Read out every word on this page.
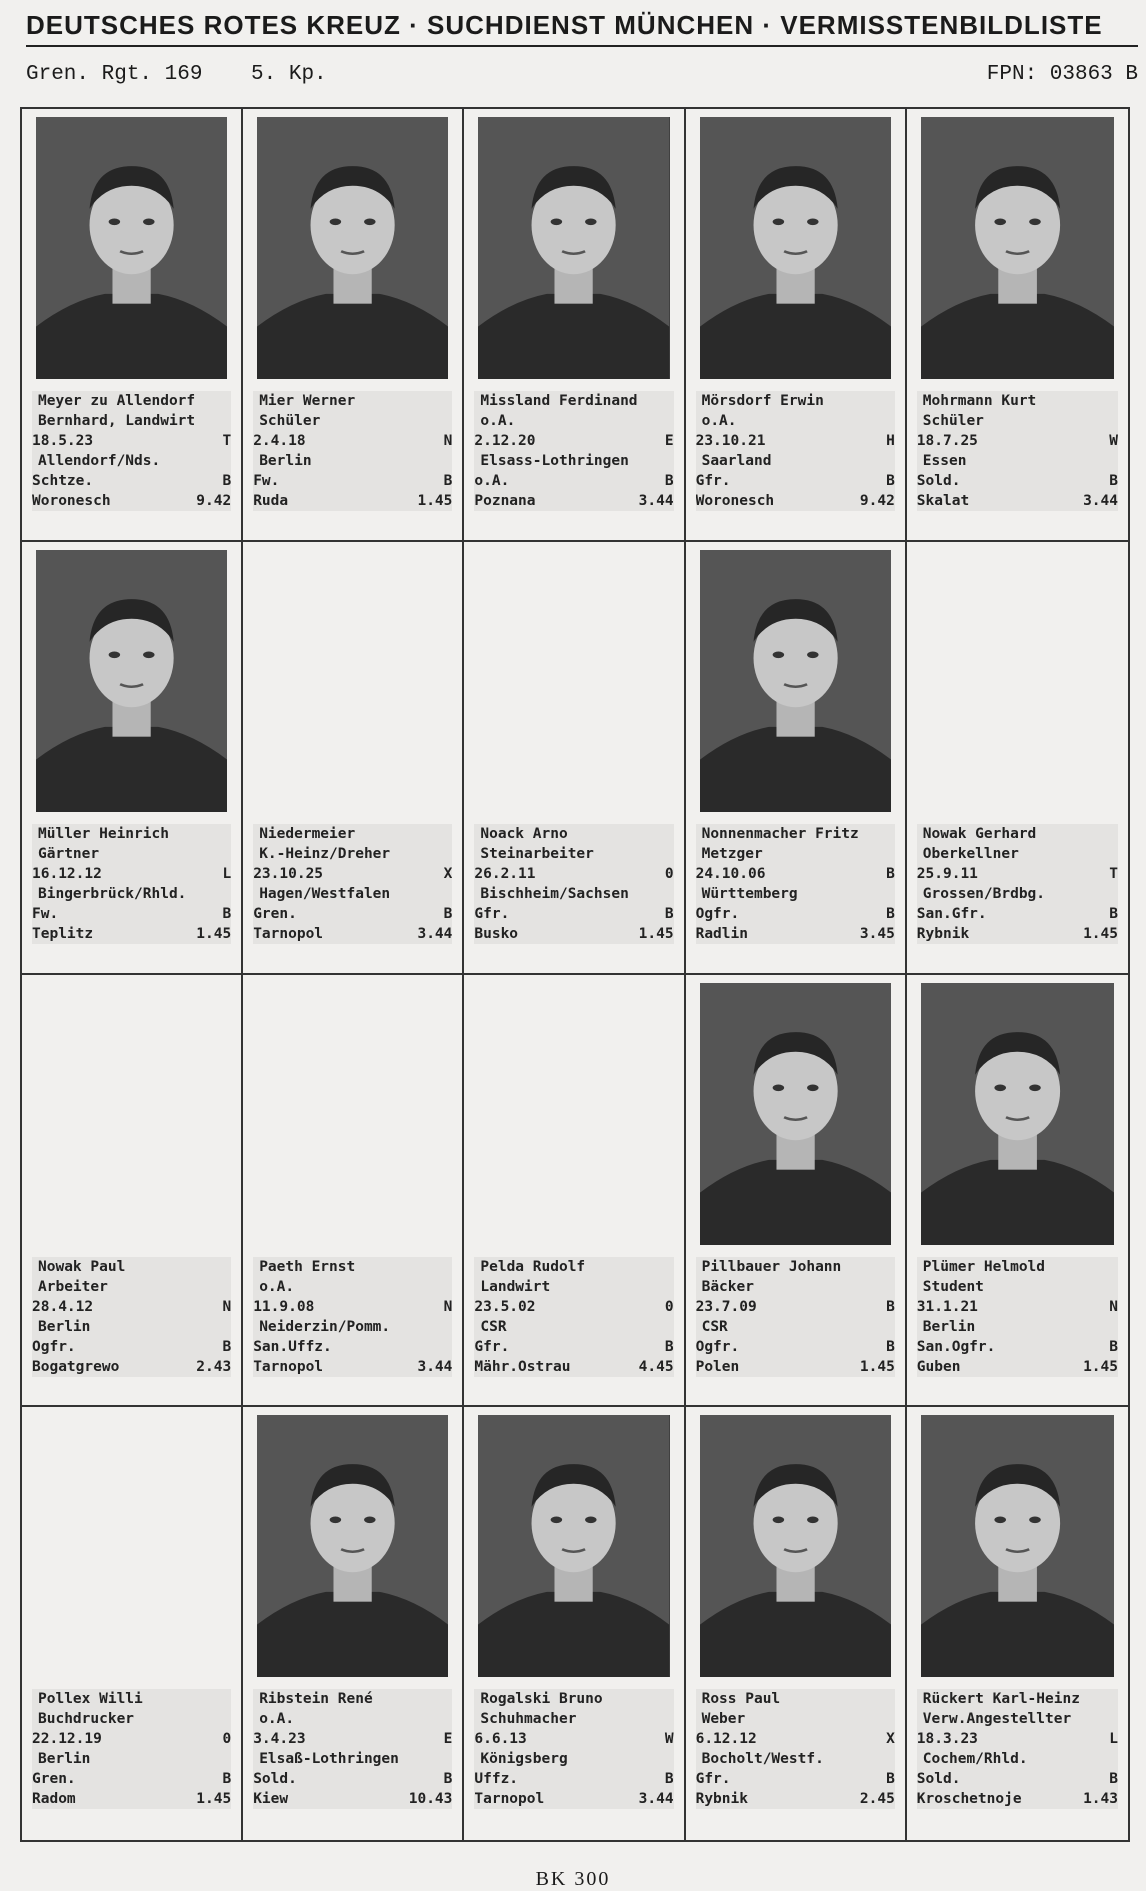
DEUTSCHES ROTES KREUZ · SUCHDIENST MÜNCHEN · VERMISSTENBILDLISTE
Gren. Rgt. 169 5. Kp.	FPN: 03863 B
Meyer zu Allendorf
Bernhard, Landwirt
18.5.23	T
Allendorf/Nds.
Schtze.	B
Woronesch	9.42
Mier Werner
Schüler
2.4.18	N
Berlin
Fw.	B
Ruda	1.45
Missland Ferdinand
o.A.
2.12.20	E
Elsass-Lothringen
o.A.	B
Poznana	3.44
Mörsdorf Erwin
o.A.
23.10.21	H
Saarland
Gfr.	B
Woronesch	9.42
Mohrmann Kurt
Schüler
18.7.25	W
Essen
Sold.	B
Skalat	3.44
Müller Heinrich
Gärtner
16.12.12	L
Bingerbrück/Rhld.
Fw.	B
Teplitz	1.45
Niedermeier
K.-Heinz/Dreher
23.10.25	X
Hagen/Westfalen
Gren.	B
Tarnopol	3.44
Noack Arno
Steinarbeiter
26.2.11	0
Bischheim/Sachsen
Gfr.	B
Busko	1.45
Nonnenmacher Fritz
Metzger
24.10.06	B
Württemberg
Ogfr.	B
Radlin	3.45
Nowak Gerhard
Oberkellner
25.9.11	T
Grossen/Brdbg.
San.Gfr.	B
Rybnik	1.45
Nowak Paul
Arbeiter
28.4.12	N
Berlin
Ogfr.	B
Bogatgrewo	2.43
Paeth Ernst
o.A.
11.9.08	N
Neiderzin/Pomm.
San.Uffz.
Tarnopol	3.44
Pelda Rudolf
Landwirt
23.5.02	0
CSR
Gfr.	B
Mähr.Ostrau	4.45
Pillbauer Johann
Bäcker
23.7.09	B
CSR
Ogfr.	B
Polen	1.45
Plümer Helmold
Student
31.1.21	N
Berlin
San.Ogfr.	B
Guben	1.45
Pollex Willi
Buchdrucker
22.12.19	0
Berlin
Gren.	B
Radom	1.45
Ribstein René
o.A.
3.4.23	E
Elsaß-Lothringen
Sold.	B
Kiew	10.43
Rogalski Bruno
Schuhmacher
6.6.13	W
Königsberg
Uffz.	B
Tarnopol	3.44
Ross Paul
Weber
6.12.12	X
Bocholt/Westf.
Gfr.	B
Rybnik	2.45
Rückert Karl-Heinz
Verw.Angestellter
18.3.23	L
Cochem/Rhld.
Sold.	B
Kroschetnoje	1.43
BK 300
